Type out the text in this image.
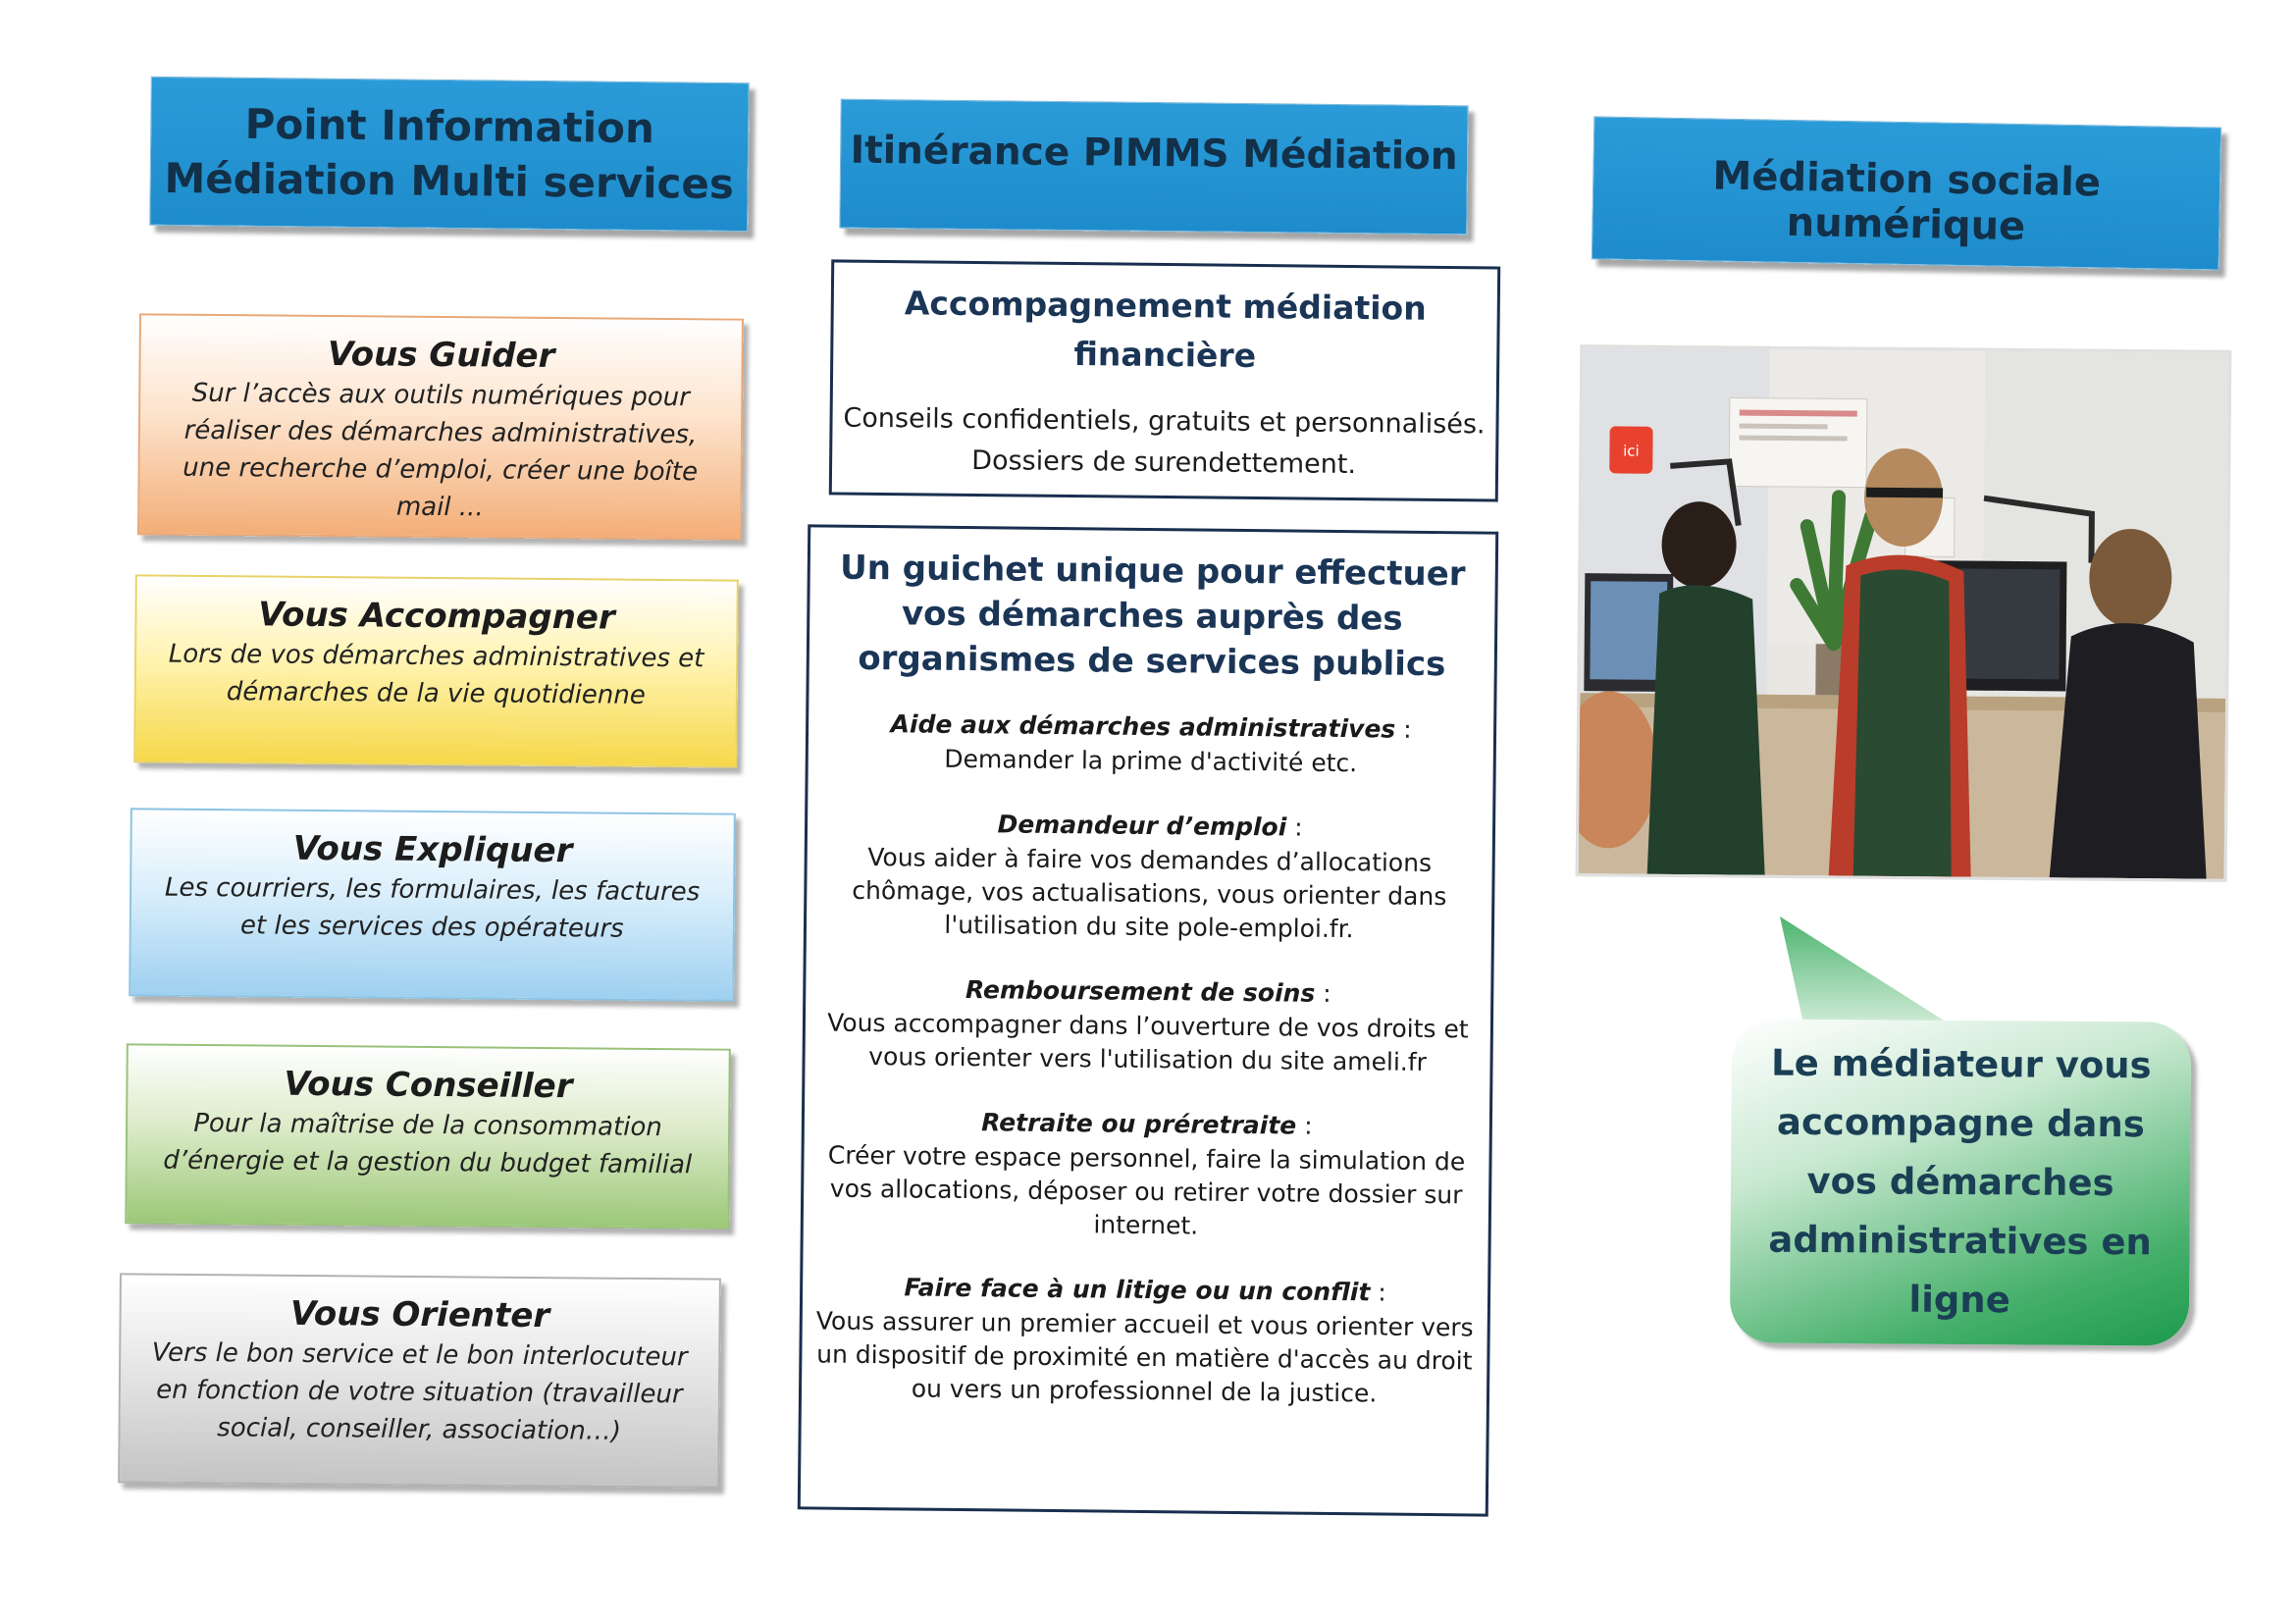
Point Information
Médiation Multi services
Itinérance PIMMS Médiation
Médiation sociale numérique
Vous Guider
Sur l’accès aux outils numériques pour réaliser des démarches administratives, une recherche d’emploi, créer une boîte mail ...
Vous Accompagner
Lors de vos démarches administratives et démarches de la vie quotidienne
Vous Expliquer
Les courriers, les formulaires, les factures et les services des opérateurs
Vous Conseiller
Pour la maîtrise de la consommation d’énergie et la gestion du budget familial
Vous Orienter
Vers le bon service et le bon interlocuteur en fonction de votre situation (travailleur social, conseiller, association…)
Accompagnement médiation financière
Conseils confidentiels, gratuits et personnalisés.
Dossiers de surendettement.
Un guichet unique pour effectuer vos démarches auprès des organismes de services publics
Aide aux démarches administratives :
Demander la prime d'activité etc.
Demandeur d’emploi :
Vous aider à faire vos demandes d’allocations chômage, vos actualisations, vous orienter dans l'utilisation du site pole-emploi.fr.
Remboursement de soins :
Vous accompagner dans l’ouverture de vos droits et vous orienter vers l'utilisation du site ameli.fr
Retraite ou préretraite :
Créer votre espace personnel, faire la simulation de vos allocations, déposer ou retirer votre dossier sur internet.
Faire face à un litige ou un conflit :
Vous assurer un premier accueil et vous orienter vers un dispositif de proximité en matière d'accès au droit ou vers un professionnel de la justice.
ici
Le médiateur vous accompagne dans vos démarches administratives en ligne
